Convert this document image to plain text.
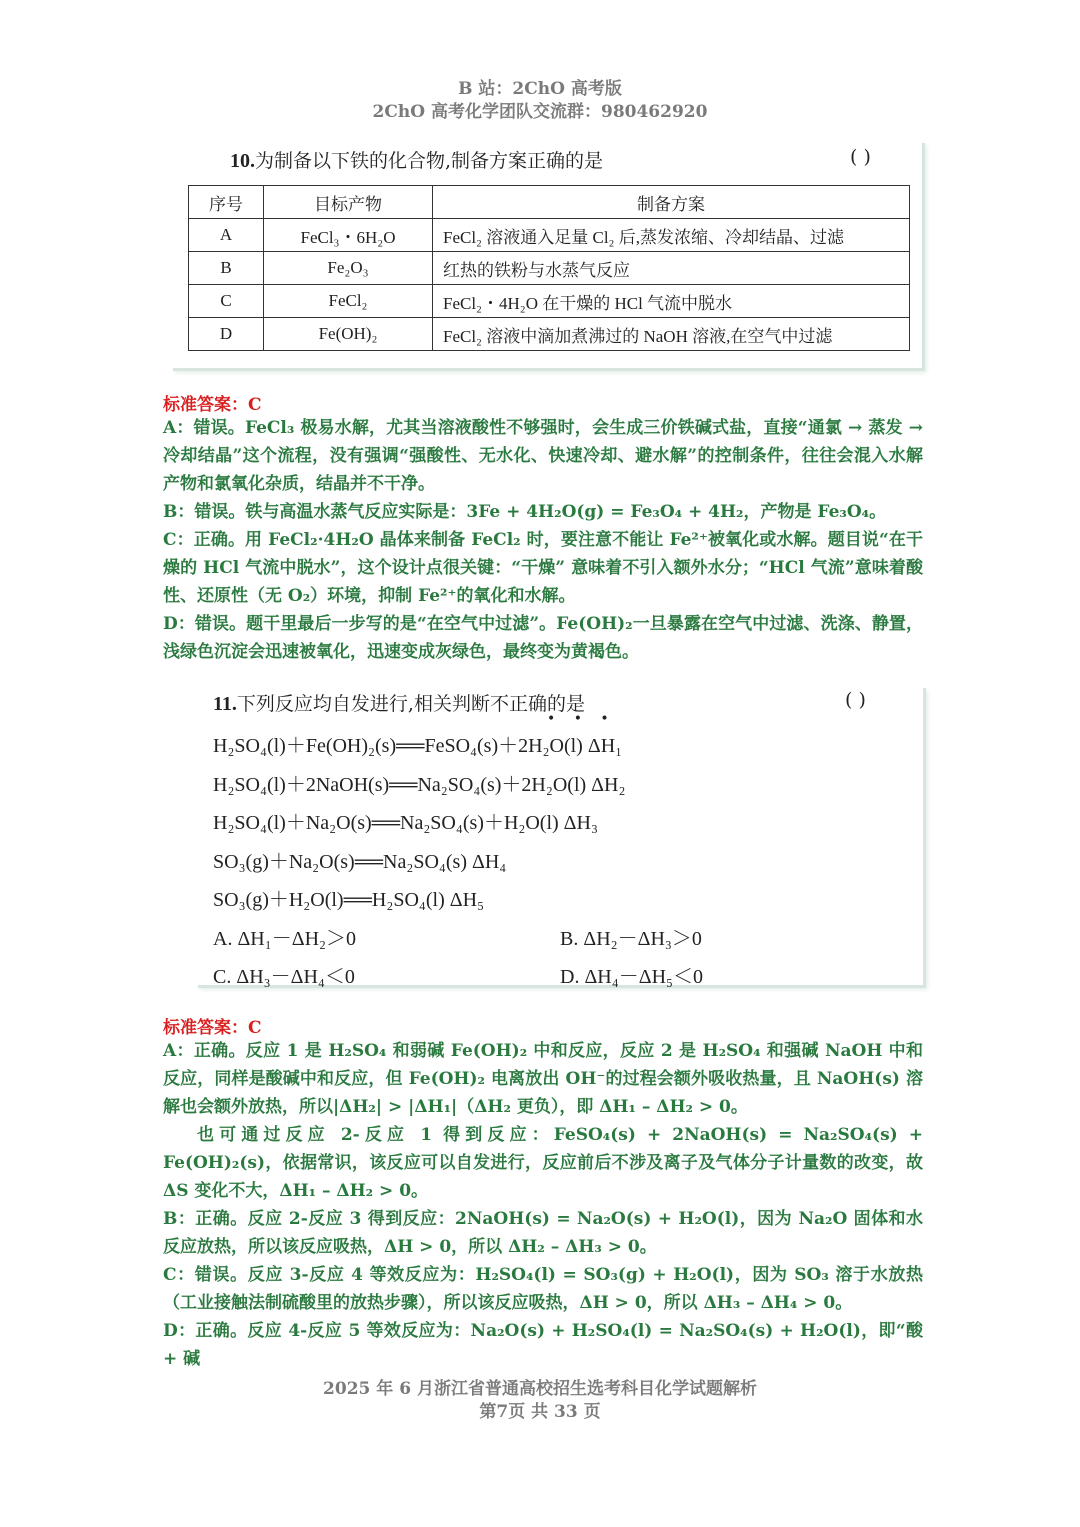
B 站：2ChO 高考版
2ChO 高考化学团队交流群：980462920
10.为制备以下铁的化合物,制备方案正确的是	( )
序号	目标产物	制备方案
A	FeCl₃・6H₂O	FeCl₂ 溶液通入足量 Cl₂ 后,蒸发浓缩、冷却结晶、过滤
B	Fe₂O₃	红热的铁粉与水蒸气反应
C	FeCl₂	FeCl₂・4H₂O 在干燥的 HCl 气流中脱水
D	Fe(OH)₂	FeCl₂ 溶液中滴加煮沸过的 NaOH 溶液,在空气中过滤
标准答案：C

A：错误。FeCl₃ 极易水解，尤其当溶液酸性不够强时，会生成三价铁碱式盐，直接“通氯 → 蒸发 → 冷却结晶”这个流程，没有强调“强酸性、无水化、快速冷却、避水解”的控制条件，往往会混入水解产物和氯氧化杂质，结晶并不干净。

B：错误。铁与高温水蒸气反应实际是：3Fe + 4H₂O(g) = Fe₃O₄ + 4H₂，产物是 Fe₃O₄。

C：正确。用 FeCl₂·4H₂O 晶体来制备 FeCl₂ 时，要注意不能让 Fe²⁺被氧化或水解。题目说“在干燥的 HCl 气流中脱水”，这个设计点很关键：“干燥” 意味着不引入额外水分；“HCl 气流”意味着酸性、还原性（无 O₂）环境，抑制 Fe²⁺的氧化和水解。

D：错误。题干里最后一步写的是“在空气中过滤”。Fe(OH)₂一旦暴露在空气中过滤、洗涤、静置，浅绿色沉淀会迅速被氧化，迅速变成灰绿色，最终变为黄褐色。

11.下列反应均自发进行,相关判断不正确的是
• • •
( )
H₂SO₄(l)＋Fe(OH)₂(s)══FeSO₄(s)＋2H₂O(l) ΔH₁
H₂SO₄(l)＋2NaOH(s)══Na₂SO₄(s)＋2H₂O(l) ΔH₂
H₂SO₄(l)＋Na₂O(s)══Na₂SO₄(s)＋H₂O(l) ΔH₃
SO₃(g)＋Na₂O(s)══Na₂SO₄(s) ΔH₄
SO₃(g)＋H₂O(l)══H₂SO₄(l) ΔH₅
A. ΔH₁－ΔH₂＞0	B. ΔH₂－ΔH₃＞0
C. ΔH₃－ΔH₄＜0	D. ΔH₄－ΔH₅＜0
标准答案：C

A：正确。反应 1 是 H₂SO₄ 和弱碱 Fe(OH)₂ 中和反应，反应 2 是 H₂SO₄ 和强碱 NaOH 中和反应，同样是酸碱中和反应，但 Fe(OH)₂ 电离放出 OH⁻的过程会额外吸收热量，且 NaOH(s) 溶解也会额外放热，所以|ΔH₂| > |ΔH₁|（ΔH₂ 更负），即 ΔH₁ – ΔH₂ > 0。

也可通过反应 2-反应 1 得到反应：FeSO₄(s) + 2NaOH(s) = Na₂SO₄(s) + Fe(OH)₂(s)，依据常识，该反应可以自发进行，反应前后不涉及离子及气体分子计量数的改变，故 ΔS 变化不大，ΔH₁ – ΔH₂ > 0。

B：正确。反应 2-反应 3 得到反应：2NaOH(s) = Na₂O(s) + H₂O(l)，因为 Na₂O 固体和水反应放热，所以该反应吸热，ΔH > 0，所以 ΔH₂ – ΔH₃ > 0。

C：错误。反应 3-反应 4 等效反应为：H₂SO₄(l) = SO₃(g) + H₂O(l)，因为 SO₃ 溶于水放热（工业接触法制硫酸里的放热步骤），所以该反应吸热，ΔH > 0，所以 ΔH₃ – ΔH₄ > 0。

D：正确。反应 4-反应 5 等效反应为：Na₂O(s) + H₂SO₄(l) = Na₂SO₄(s) + H₂O(l)，即“酸 + 碱

2025 年 6 月浙江省普通高校招生选考科目化学试题解析
第7页 共 33 页
